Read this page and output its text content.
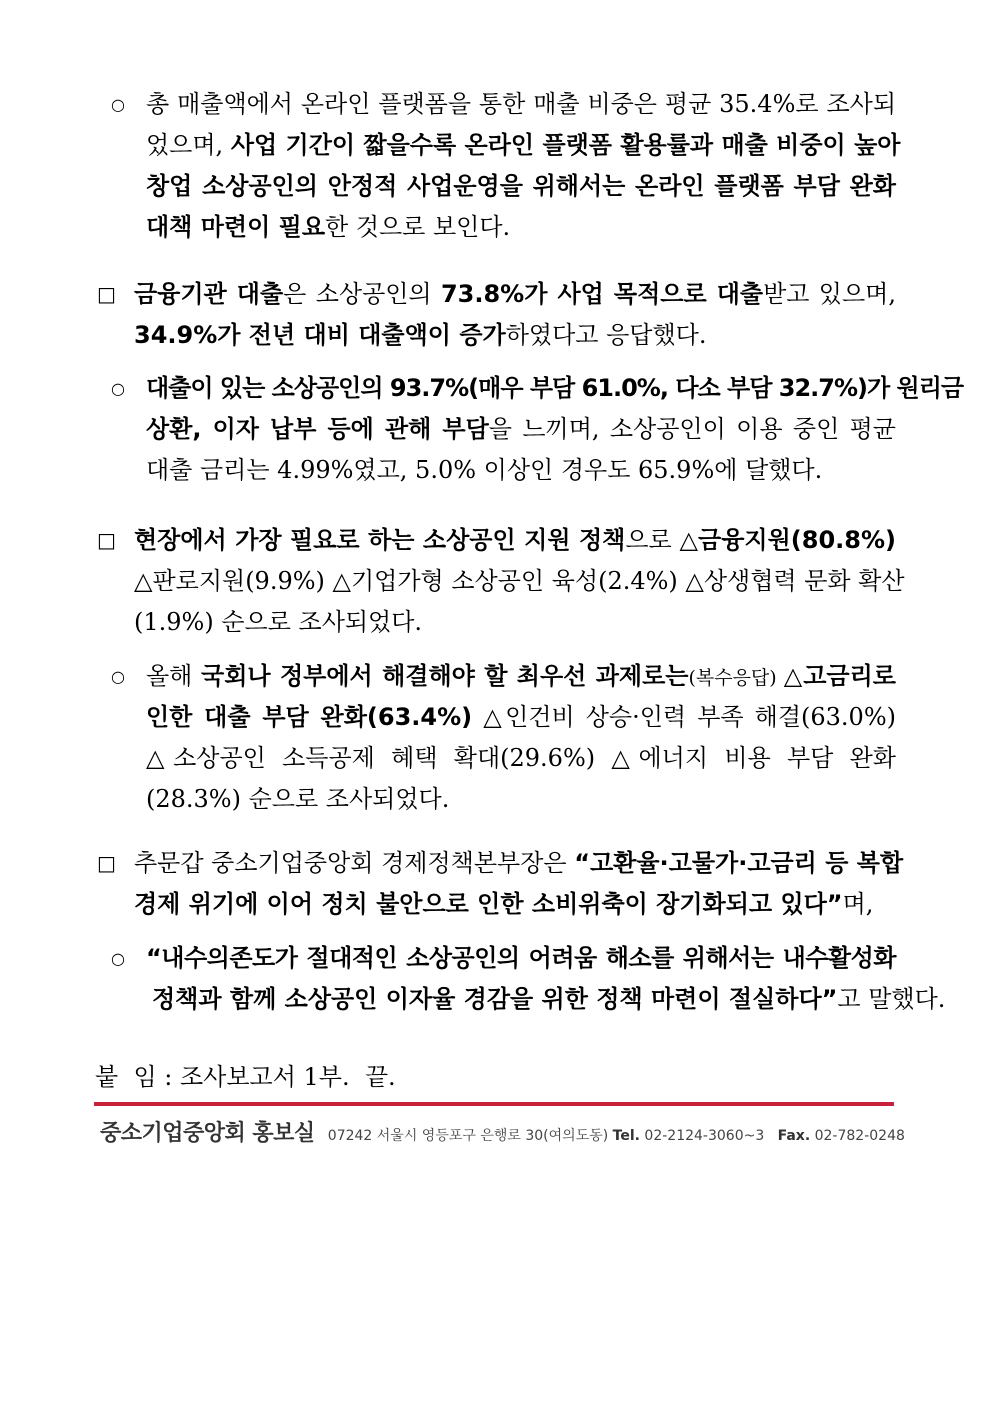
○ 총 매출액에서 온라인 플랫폼을 통한 매출 비중은 평균 35.4%로 조사되
었으며, 사업 기간이 짧을수록 온라인 플랫폼 활용률과 매출 비중이 높아
창업 소상공인의 안정적 사업운영을 위해서는 온라인 플랫폼 부담 완화
대책 마련이 필요한 것으로 보인다.
□ 금융기관 대출은 소상공인의 73.8%가 사업 목적으로 대출받고 있으며,
34.9%가 전년 대비 대출액이 증가하였다고 응답했다.
○ 대출이 있는 소상공인의 93.7%(매우 부담 61.0%, 다소 부담 32.7%)가 원리금
상환, 이자 납부 등에 관해 부담을 느끼며, 소상공인이 이용 중인 평균
대출 금리는 4.99%였고, 5.0% 이상인 경우도 65.9%에 달했다.
□ 현장에서 가장 필요로 하는 소상공인 지원 정책으로 △금융지원(80.8%)
△판로지원(9.9%) △기업가형 소상공인 육성(2.4%) △상생협력 문화 확산
(1.9%) 순으로 조사되었다.
○ 올해 국회나 정부에서 해결해야 할 최우선 과제로는(복수응답) △고금리로
인한 대출 부담 완화(63.4%) △인건비 상승·인력 부족 해결(63.0%)
△소상공인 소득공제 혜택 확대(29.6%) △에너지 비용 부담 완화
(28.3%) 순으로 조사되었다.
□ 추문갑 중소기업중앙회 경제정책본부장은 “고환율·고물가·고금리 등 복합
경제 위기에 이어 정치 불안으로 인한 소비위축이 장기화되고 있다”며,
○ “내수의존도가 절대적인 소상공인의 어려움 해소를 위해서는 내수활성화
정책과 함께 소상공인 이자율 경감을 위한 정책 마련이 절실하다”고 말했다.
붙  임 : 조사보고서 1부.  끝.
중소기업중앙회 홍보실 07242 서울시 영등포구 은행로 30(여의도동) Tel. 02-2124-3060~3 Fax. 02-782-0248
